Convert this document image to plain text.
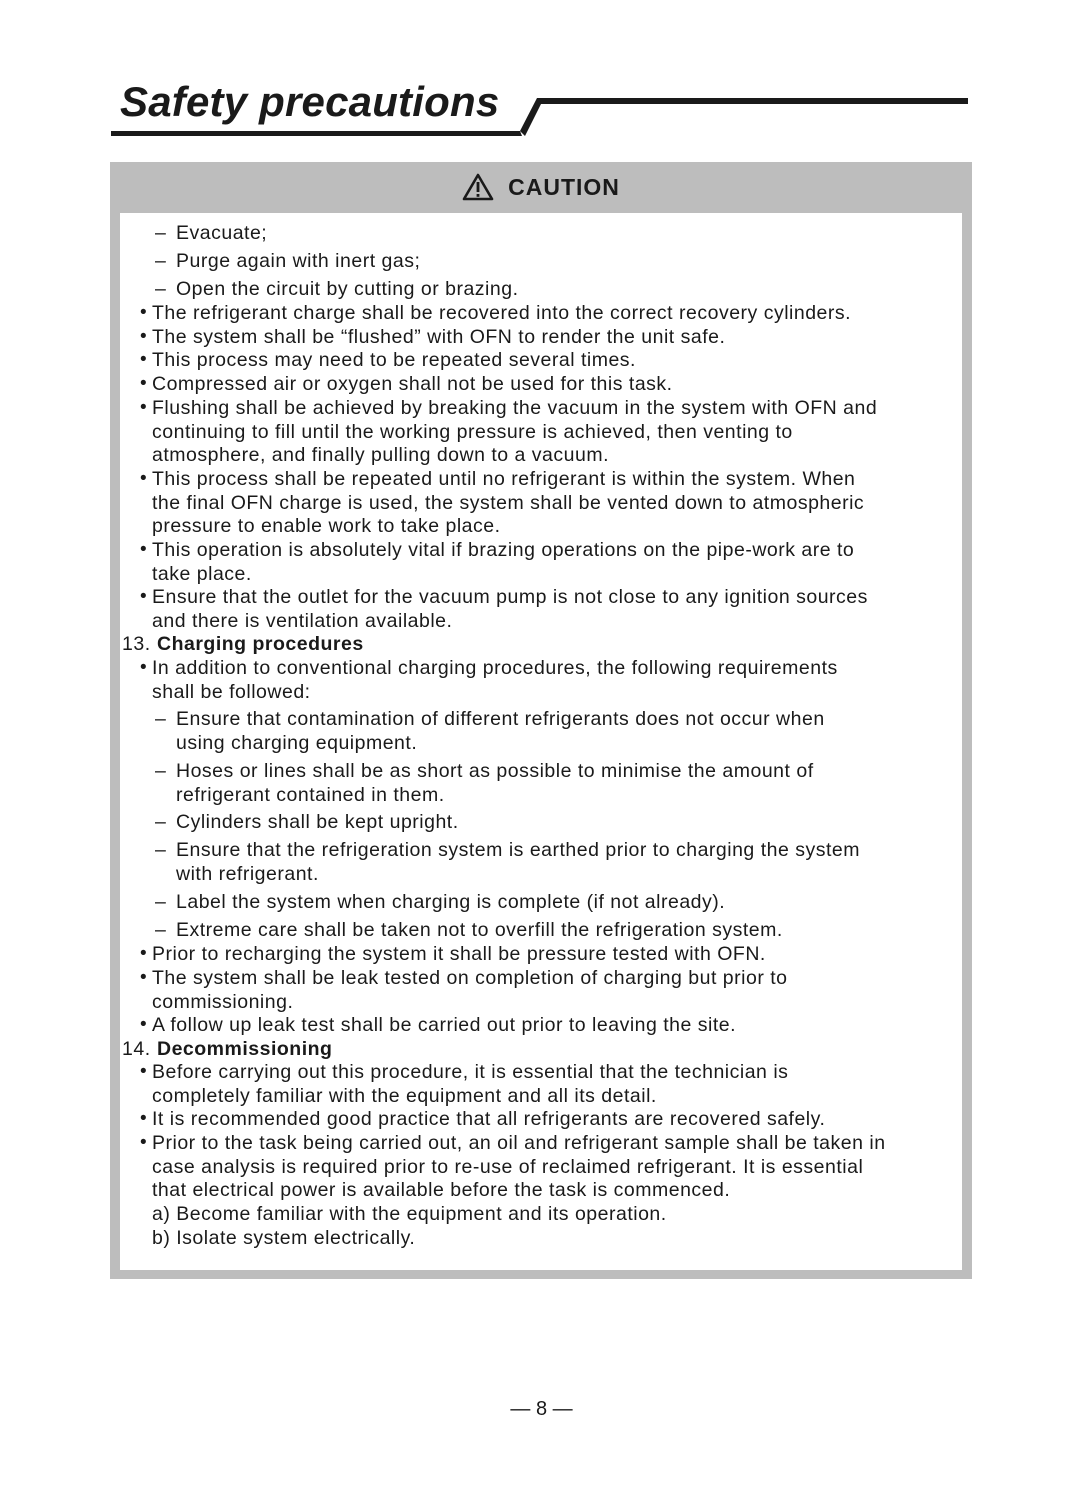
Safety precautions
CAUTION
– Evacuate;
– Purge again with inert gas;
– Open the circuit by cutting or brazing.
• The refrigerant charge shall be recovered into the correct recovery cylinders.
• The system shall be “flushed” with OFN to render the unit safe.
• This process may need to be repeated several times.
• Compressed air or oxygen shall not be used for this task.
• Flushing shall be achieved by breaking the vacuum in the system with OFN and
continuing to fill until the working pressure is achieved, then venting to
atmosphere, and finally pulling down to a vacuum.
• This process shall be repeated until no refrigerant is within the system. When
the final OFN charge is used, the system shall be vented down to atmospheric
pressure to enable work to take place.
• This operation is absolutely vital if brazing operations on the pipe-work are to
take place.
• Ensure that the outlet for the vacuum pump is not close to any ignition sources
and there is ventilation available.
13. Charging procedures
• In addition to conventional charging procedures, the following requirements
shall be followed:
– Ensure that contamination of different refrigerants does not occur when
using charging equipment.
– Hoses or lines shall be as short as possible to minimise the amount of
refrigerant contained in them.
– Cylinders shall be kept upright.
– Ensure that the refrigeration system is earthed prior to charging the system
with refrigerant.
– Label the system when charging is complete (if not already).
– Extreme care shall be taken not to overfill the refrigeration system.
• Prior to recharging the system it shall be pressure tested with OFN.
• The system shall be leak tested on completion of charging but prior to
commissioning.
• A follow up leak test shall be carried out prior to leaving the site.
14. Decommissioning
• Before carrying out this procedure, it is essential that the technician is
completely familiar with the equipment and all its detail.
• It is recommended good practice that all refrigerants are recovered safely.
• Prior to the task being carried out, an oil and refrigerant sample shall be taken in
case analysis is required prior to re-use of reclaimed refrigerant. It is essential
that electrical power is available before the task is commenced.
a) Become familiar with the equipment and its operation.
b) Isolate system electrically.
— 8 —
